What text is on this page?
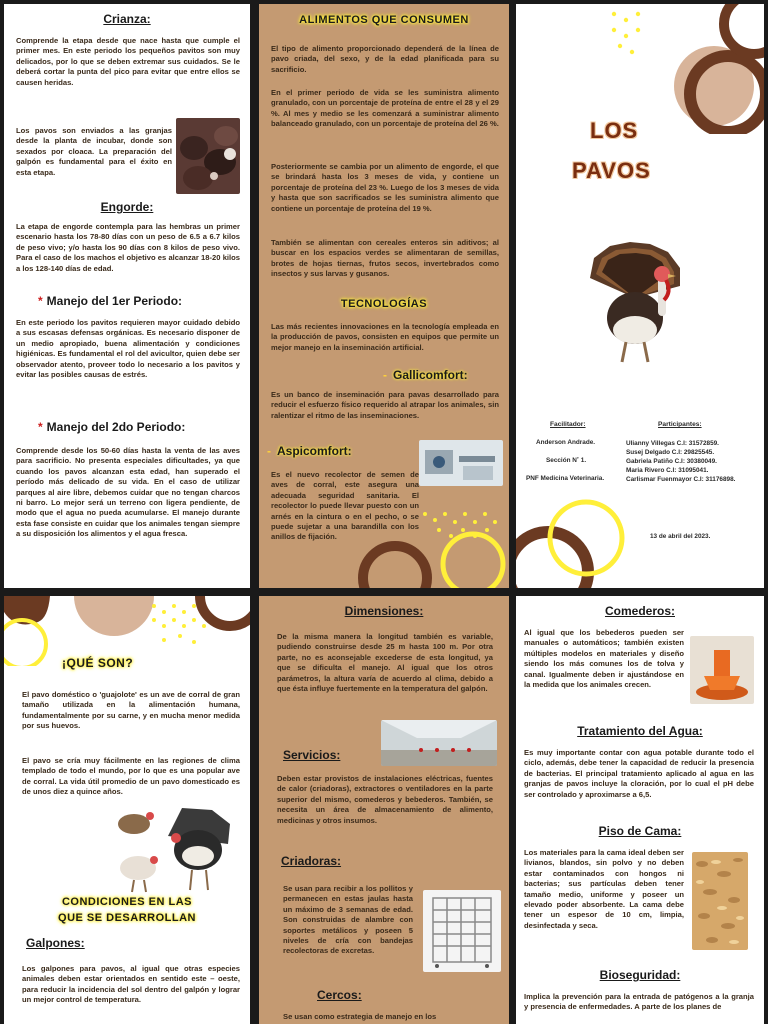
Crianza:

Comprende la etapa desde que nace hasta que cumple el primer mes. En este periodo los pequeños pavitos son muy delicados, por lo que se deben extremar sus cuidados. Se le deberá cortar la punta del pico para evitar que entre ellos se causen heridas.

Los pavos son enviados a las granjas desde la planta de incubar, donde son sexados por cloaca. La preparación del galpón es fundamental para el éxito en esta etapa.

Engorde:

La etapa de engorde contempla para las hembras un primer escenario hasta los 78-80 días con un peso de 6.5 a 6.7 kilos de peso vivo; y/o hasta los 90 días con 8 kilos de peso vivo. Para el caso de los machos el objetivo es alcanzar 18-20 kilos a los 128-140 días de edad.

* Manejo del 1er Periodo:

En este periodo los pavitos requieren mayor cuidado debido a sus escasas defensas orgánicas. Es necesario disponer de un medio apropiado, buena alimentación y condiciones higiénicas. Es fundamental el rol del avicultor, quien debe ser observador atento, proveer todo lo necesario a los pavitos y evitar las posibles causas de estrés.

* Manejo del 2do Periodo:

Comprende desde los 50-60 días hasta la venta de las aves para sacrificio. No presenta especiales dificultades, ya que cuando los pavos alcanzan esta edad, han superado el período más delicado de su vida. En el caso de utilizar parques al aire libre, debemos cuidar que no tengan charcos ni barro. Lo mejor será un terreno con ligera pendiente, de modo que el agua no pueda acumularse. El manejo durante esta fase consiste en cuidar que los animales tengan siempre a su disposición los alimentos y el agua fresca.

ALIMENTOS QUE CONSUMEN

El tipo de alimento proporcionado dependerá de la línea de pavo criada, del sexo, y de la edad planificada para su sacrificio.

En el primer periodo de vida se les suministra alimento granulado, con un porcentaje de proteína de entre el 28 y el 29 %. Al mes y medio se les comenzará a suministrar alimento balanceado granulado, con un porcentaje de proteína del 26 %.

Posteriormente se cambia por un alimento de engorde, el que se brindará hasta los 3 meses de vida, y contiene un porcentaje de proteína del 23 %. Luego de los 3 meses de vida y hasta que son sacrificados se les suministra alimento que contiene un porcentaje de proteína del 19 %.

También se alimentan con cereales enteros sin aditivos; al buscar en los espacios verdes se alimentaran de semillas, brotes de hojas tiernas, frutos secos, invertebrados como insectos y sus larvas y gusanos.

TECNOLOGÍAS

Las más recientes innovaciones en la tecnología empleada en la producción de pavos, consisten en equipos que permite un mejor manejo en la inseminación artificial.

- Gallicomfort:

Es un banco de inseminación para pavas desarrollado para reducir el esfuerzo físico requerido al atrapar los animales, sin ralentizar el ritmo de las inseminaciones.

- Aspicomfort:

Es el nuevo recolector de semen de aves de corral, este asegura una adecuada seguridad sanitaria. El recolector lo puede llevar puesto con un arnés en la cintura o en el pecho, o se puede sujetar a una barandilla con los anillos de fijación.

LOS
PAVOS
Facilitador:
Anderson Andrade.
Sección N˚ 1.
PNF Medicina Veterinaria.
Participantes:
Ulianny Villegas C.I: 31572859.
Susej Delgado C.I: 29825545.
Gabriela Patiño C.I: 30380049.
Maria Rivero C.I: 31095041.
Carlismar Fuenmayor C.I: 31176898.
13 de abril del 2023.
¡QUÉ SON?

El pavo doméstico o 'guajolote' es un ave de corral de gran tamaño utilizada en la alimentación humana, fundamentalmente por su carne, y en mucha menor medida por sus huevos.

El pavo se cría muy fácilmente en las regiones de clima templado de todo el mundo, por lo que es una popular ave de corral. La vida útil promedio de un pavo domesticado es de unos diez a quince años.

CONDICIONES EN LAS
QUE SE DESARROLLAN
Galpones:

Los galpones para pavos, al igual que otras especies animales deben estar orientados en sentido este – oeste, para reducir la incidencia del sol dentro del galpón y lograr un mejor control de temperatura.

Dimensiones:

De la misma manera la longitud también es variable, pudiendo construirse desde 25 m hasta 100 m. Por otra parte, no es aconsejable excederse de esta longitud, ya que se dificulta el manejo. Al igual que los otros parámetros, la altura varía de acuerdo al clima, debido a que ésta influye fuertemente en la temperatura del galpón.

Servicios:

Deben estar provistos de instalaciones eléctricas, fuentes de calor (criadoras), extractores o ventiladores en la parte superior del mismo, comederos y bebederos. También, se necesita un área de almacenamiento de alimento, medicinas y otros insumos.

Criadoras:

Se usan para recibir a los pollitos y permanecen en estas jaulas hasta un máximo de 3 semanas de edad. Son construidas de alambre con soportes metálicos y poseen 5 niveles de cría con bandejas recolectoras de excretas.

Cercos:

Se usan como estrategia de manejo en los

Comederos:

Al igual que los bebederos pueden ser manuales o automáticos; también existen múltiples modelos en materiales y diseño siendo los más comunes los de tolva y canal. Igualmente deben ir ajustándose en la medida que los animales crecen.

Tratamiento del Agua:

Es muy importante contar con agua potable durante todo el ciclo, además, debe tener la capacidad de reducir la presencia de bacterias. El principal tratamiento aplicado al agua en las granjas de pavos incluye la cloración, por lo cual el pH debe ser controlado y aproximarse a 6,5.

Piso de Cama:

Los materiales para la cama ideal deben ser livianos, blandos, sin polvo y no deben estar contaminados con hongos ni bacterias; sus partículas deben tener tamaño medio, uniforme y poseer un elevado poder absorbente. La cama debe tener un espesor de 10 cm, limpia, desinfectada y seca.

Bioseguridad:

Implica la prevención para la entrada de patógenos a la granja y presencia de enfermedades. A parte de los planes de
